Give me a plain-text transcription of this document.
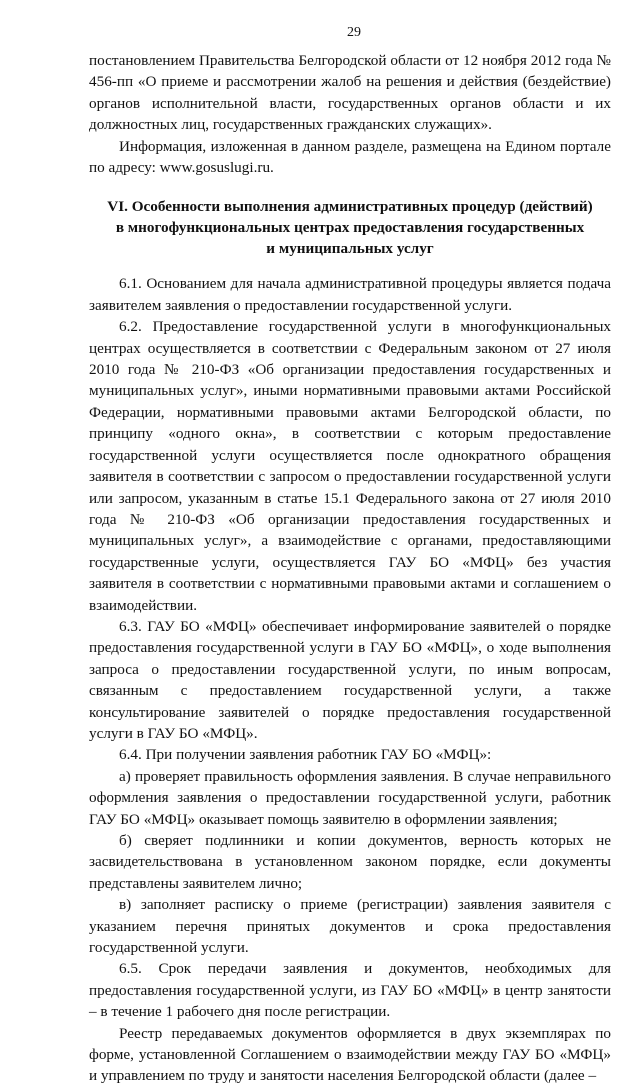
29

постановлением Правительства Белгородской области от 12 ноября 2012 года № 456-пп «О приеме и рассмотрении жалоб на решения и действия (бездействие) органов исполнительной власти, государственных органов области и их должностных лиц, государственных гражданских служащих».

Информация, изложенная в данном разделе, размещена на Едином портале по адресу: www.gosuslugi.ru.

VI. Особенности выполнения административных процедур (действий)
в многофункциональных центрах предоставления государственных
и муниципальных услуг

6.1. Основанием для начала административной процедуры является подача заявителем заявления о предоставлении государственной услуги.

6.2. Предоставление государственной услуги в многофункциональных центрах осуществляется в соответствии с Федеральным законом от 27 июля 2010 года № 210-ФЗ «Об организации предоставления государственных и муниципальных услуг», иными нормативными правовыми актами Российской Федерации, нормативными правовыми актами Белгородской области, по принципу «одного окна», в соответствии с которым предоставление государственной услуги осуществляется после однократного обращения заявителя в соответствии с запросом о предоставлении государственной услуги или запросом, указанным в статье 15.1 Федерального закона от 27 июля 2010 года № 210-ФЗ «Об организации предоставления государственных и муниципальных услуг», а взаимодействие с органами, предоставляющими государственные услуги, осуществляется ГАУ БО «МФЦ» без участия заявителя в соответствии с нормативными правовыми актами и соглашением о взаимодействии.

6.3. ГАУ БО «МФЦ» обеспечивает информирование заявителей о порядке предоставления государственной услуги в ГАУ БО «МФЦ», о ходе выполнения запроса о предоставлении государственной услуги, по иным вопросам, связанным с предоставлением государственной услуги, а также консультирование заявителей о порядке предоставления государственной услуги в ГАУ БО «МФЦ».

6.4. При получении заявления работник ГАУ БО «МФЦ»:

а) проверяет правильность оформления заявления. В случае неправильного оформления заявления о предоставлении государственной услуги, работник ГАУ БО «МФЦ» оказывает помощь заявителю в оформлении заявления;

б) сверяет подлинники и копии документов, верность которых не засвидетельствована в установленном законом порядке, если документы представлены заявителем лично;

в) заполняет расписку о приеме (регистрации) заявления заявителя с указанием перечня принятых документов и срока предоставления государственной услуги.

6.5. Срок передачи заявления и документов, необходимых для предоставления государственной услуги, из ГАУ БО «МФЦ» в центр занятости – в течение 1 рабочего дня после регистрации.

Реестр передаваемых документов оформляется в двух экземплярах по форме, установленной Соглашением о взаимодействии между ГАУ БО «МФЦ» и управлением по труду и занятости населения Белгородской области (далее –
